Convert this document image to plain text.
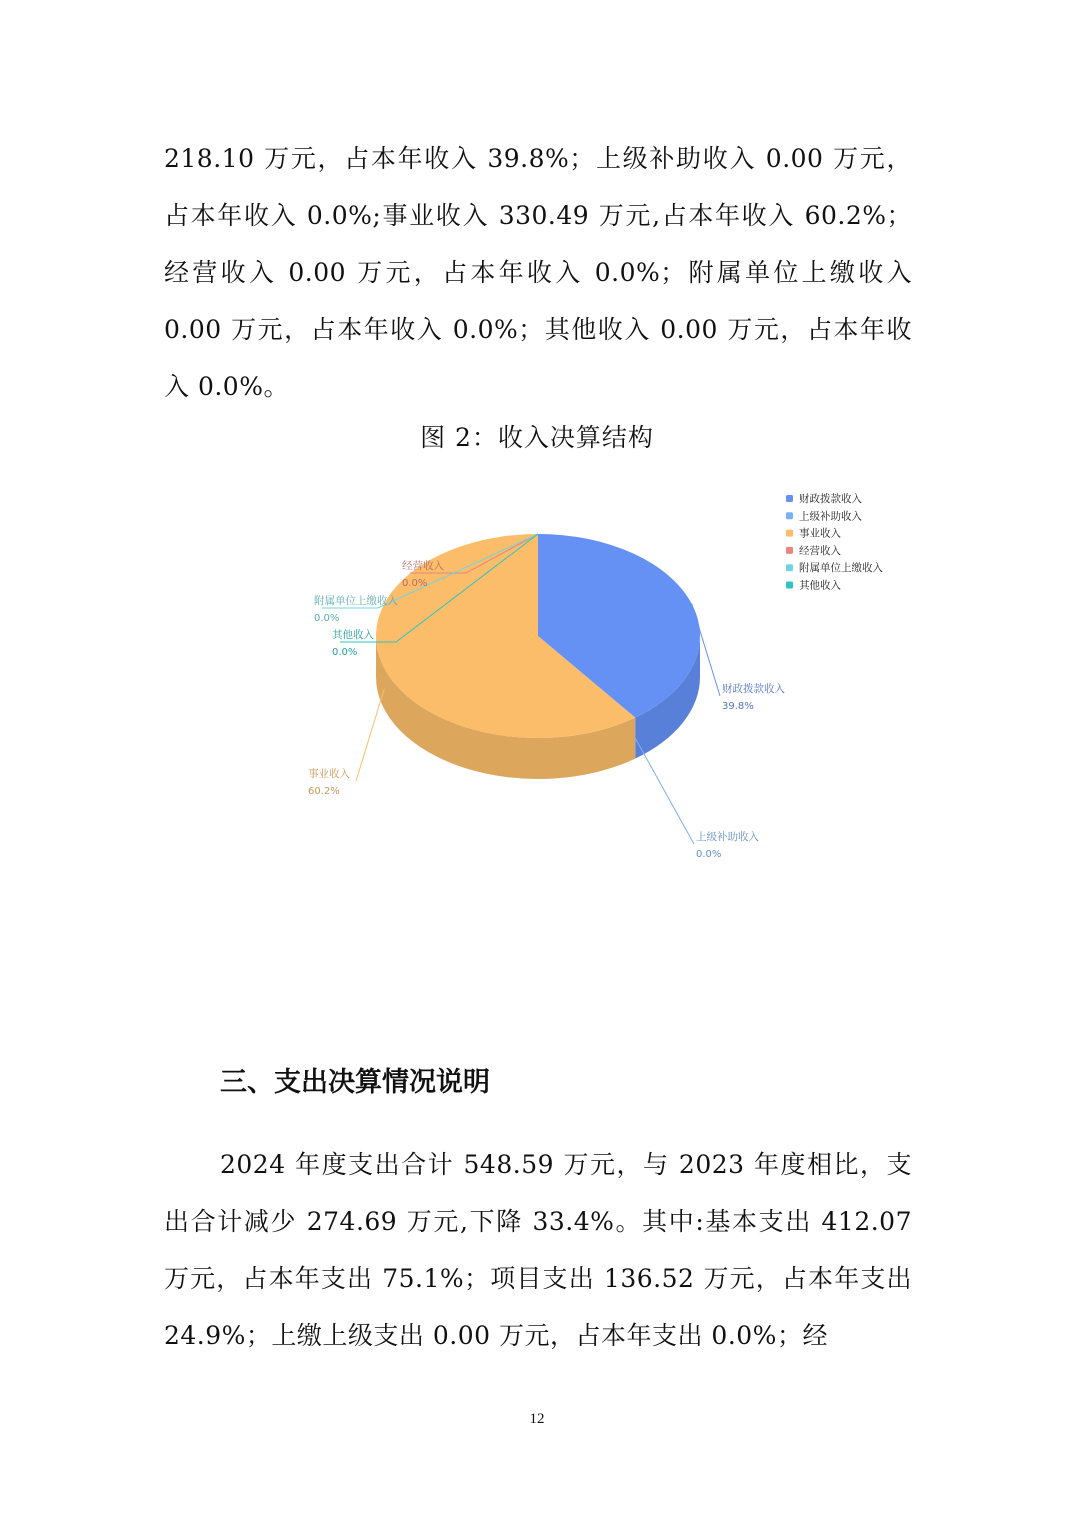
218.10 万元，占本年收入 39.8%；上级补助收入 0.00 万元，占本年收入 0.0%;事业收入 330.49 万元,占本年收入 60.2%；经营收入 0.00 万元，占本年收入 0.0%；附属单位上缴收入 0.00 万元，占本年收入 0.0%；其他收入 0.00 万元，占本年收入 0.0%。
图 2：收入决算结构
财政拨款收入
39.8%
上级补助收入
0.0%
事业收入
60.2%
经营收入
0.0%
附属单位上缴收入
0.0%
其他收入
0.0%
财政拨款收入
上级补助收入
事业收入
经营收入
附属单位上缴收入
其他收入
三、支出决算情况说明
2024 年度支出合计 548.59 万元，与 2023 年度相比，支出合计减少 274.69 万元,下降 33.4%。其中:基本支出 412.07 万元，占本年支出 75.1%；项目支出 136.52 万元，占本年支出 24.9%；上缴上级支出 0.00 万元，占本年支出 0.0%；经
12
